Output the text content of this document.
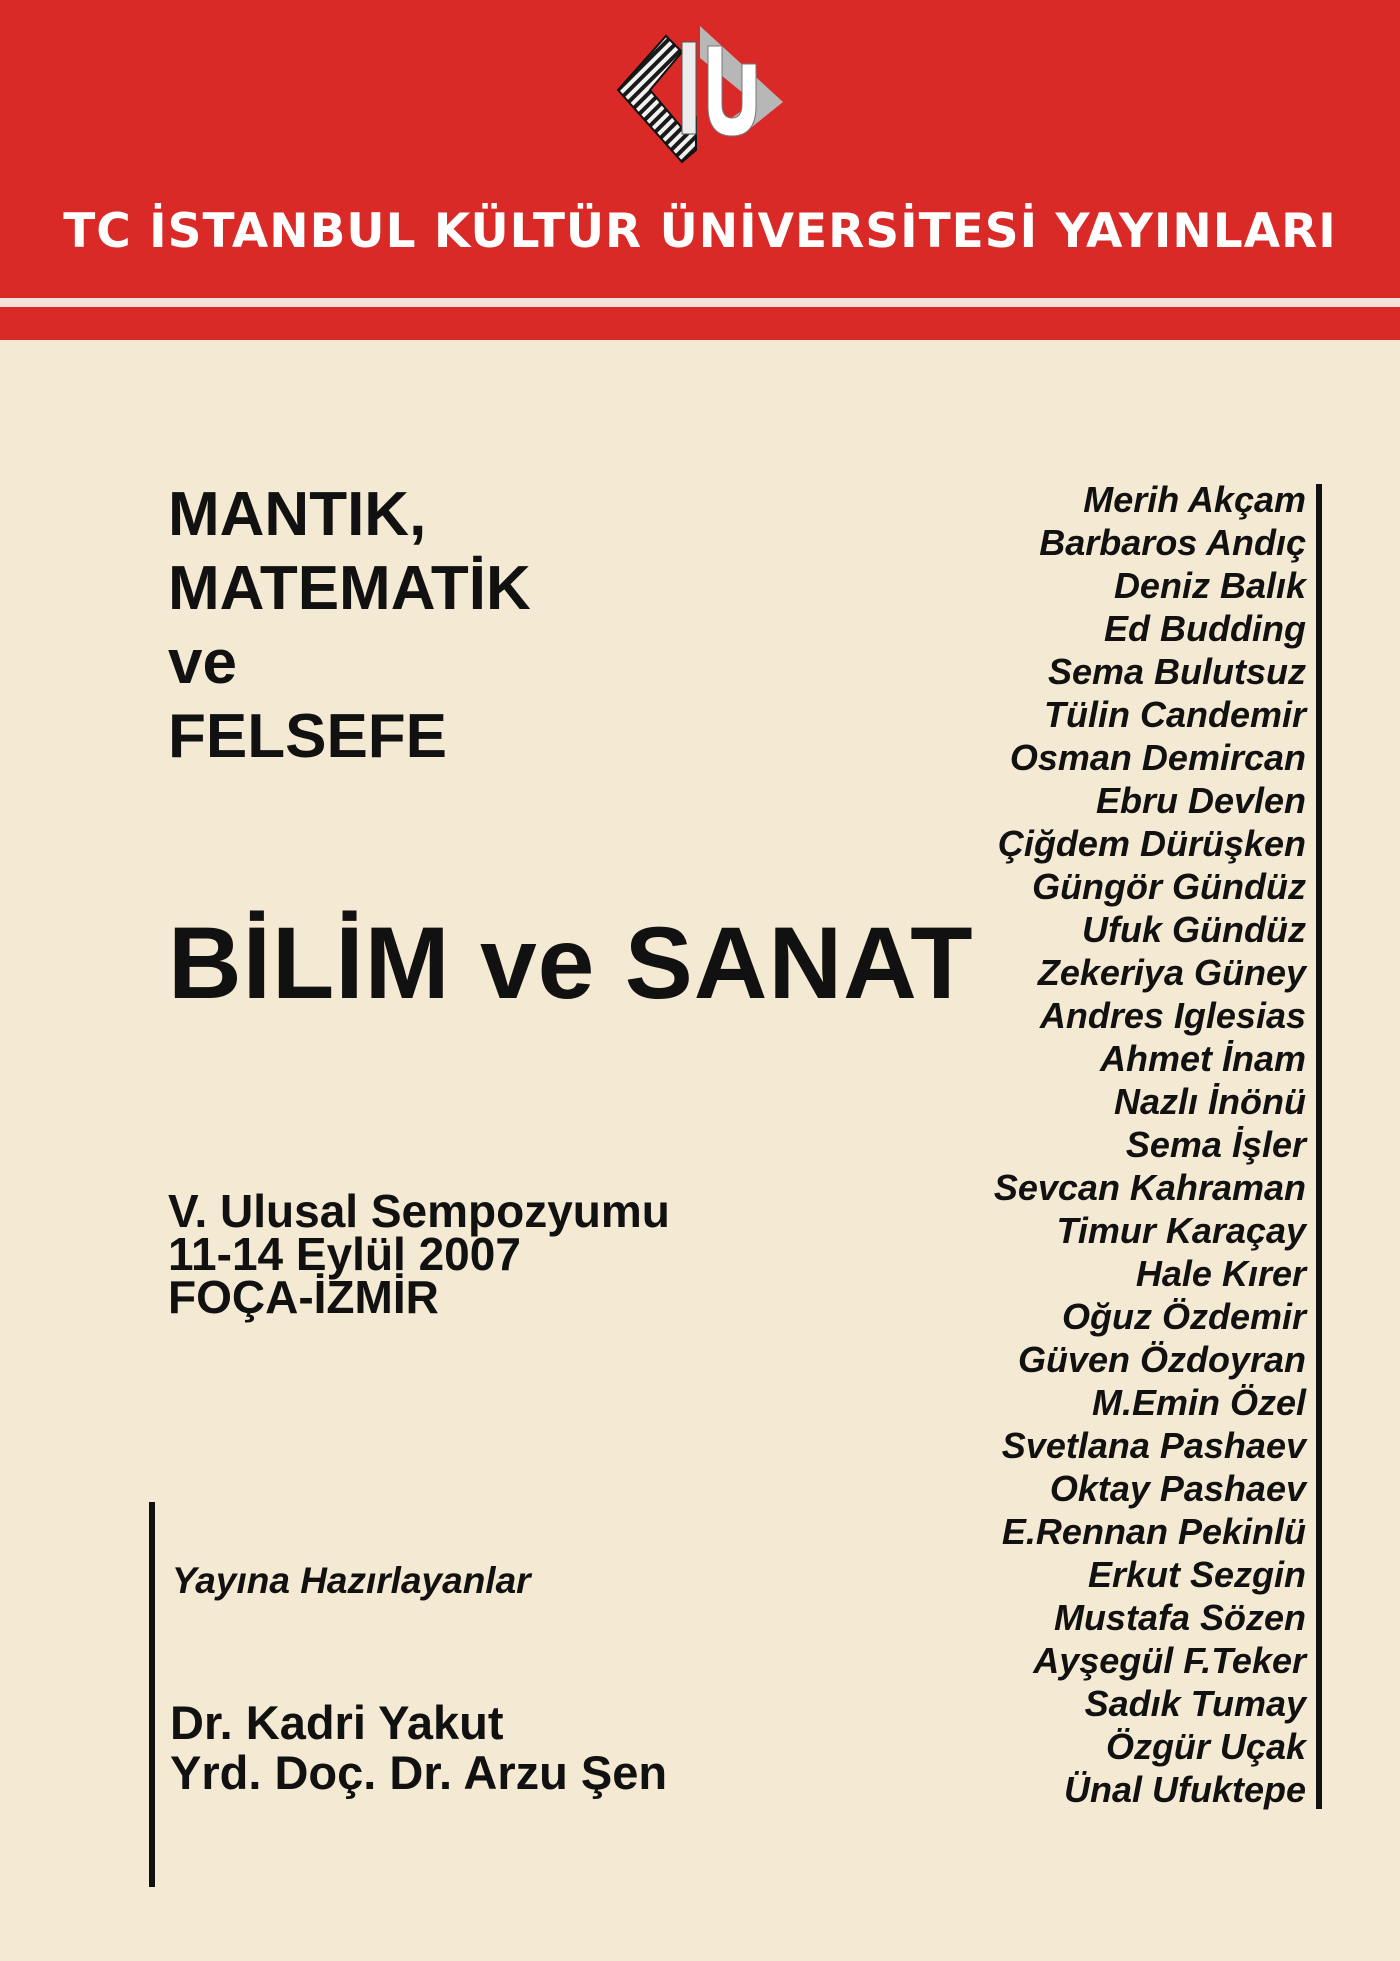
TC İSTANBUL KÜLTÜR ÜNİVERSİTESİ YAYINLARI
MANTIK,
MATEMATİK
ve
FELSEFE
BİLİM ve SANAT
V. Ulusal Sempozyumu
11-14 Eylül 2007
FOÇA-İZMİR
Yayına Hazırlayanlar
Dr. Kadri Yakut
Yrd. Doç. Dr. Arzu Şen
Merih Akçam
Barbaros Andıç
Deniz Balık
Ed Budding
Sema Bulutsuz
Tülin Candemir
Osman Demircan
Ebru Devlen
Çiğdem Dürüşken
Güngör Gündüz
Ufuk Gündüz
Zekeriya Güney
Andres Iglesias
Ahmet İnam
Nazlı İnönü
Sema İşler
Sevcan Kahraman
Timur Karaçay
Hale Kırer
Oğuz Özdemir
Güven Özdoyran
M.Emin Özel
Svetlana Pashaev
Oktay Pashaev
E.Rennan Pekinlü
Erkut Sezgin
Mustafa Sözen
Ayşegül F.Teker
Sadık Tumay
Özgür Uçak
Ünal Ufuktepe
